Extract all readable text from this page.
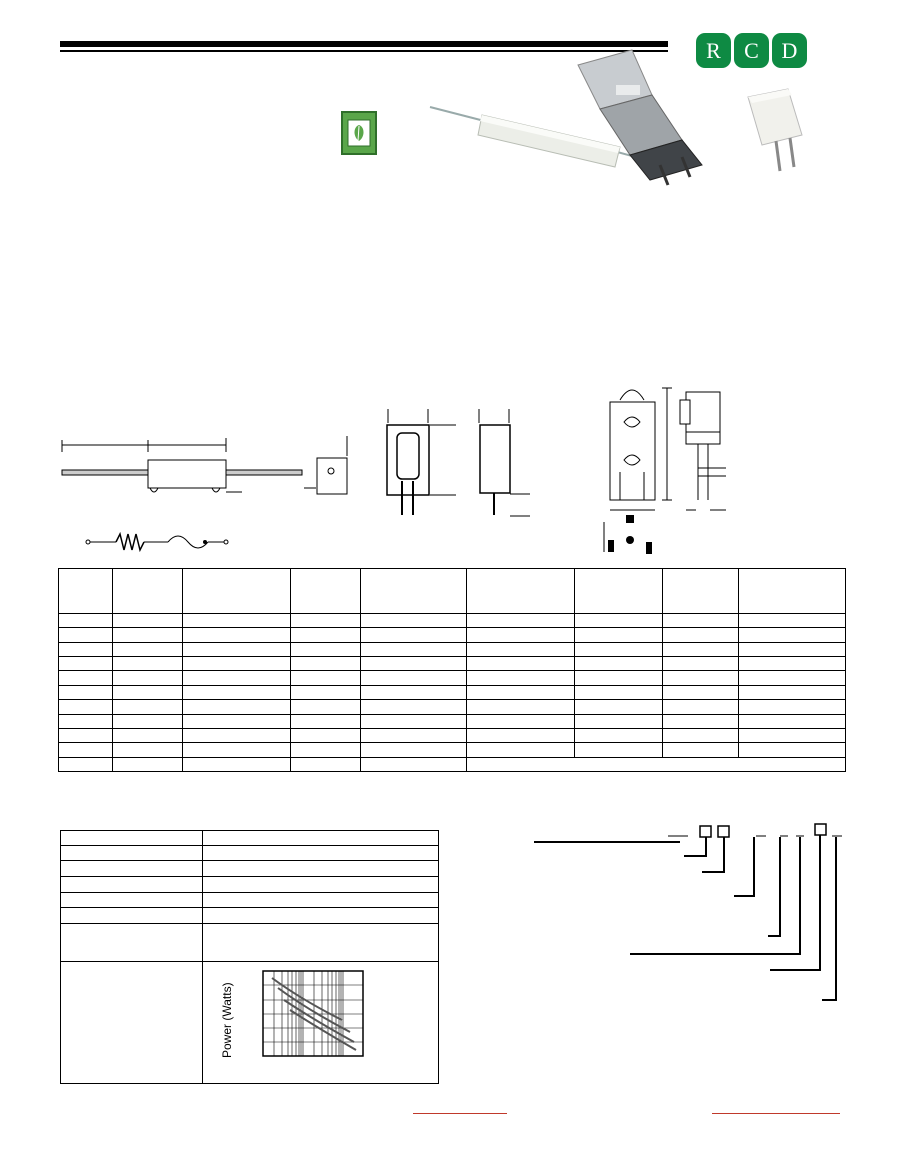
R	C	D

Power (Watts)
